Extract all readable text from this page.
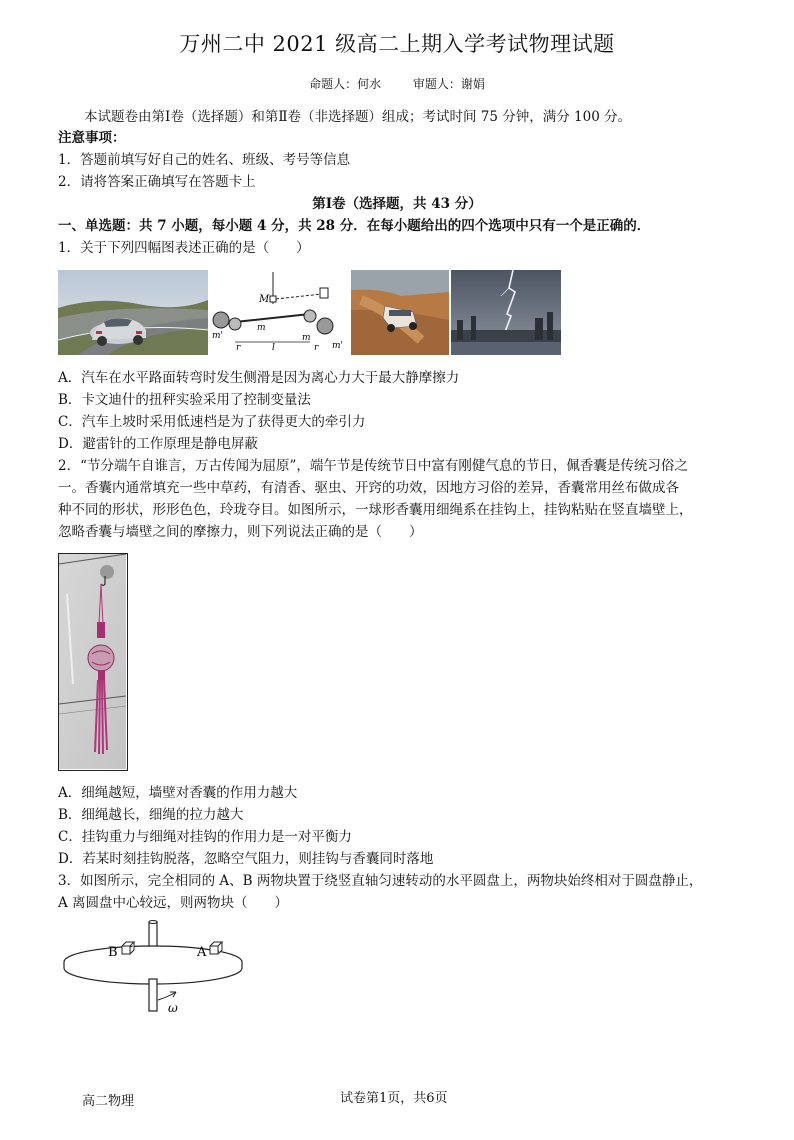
万州二中 2021 级高二上期入学考试物理试题
命题人：何水	审题人：谢娟
本试题卷由第Ⅰ卷（选择题）和第Ⅱ卷（非选择题）组成；考试时间 75 分钟，满分 100 分。
注意事项：
1．答题前填写好自己的姓名、班级、考号等信息
2．请将答案正确填写在答题卡上
第Ⅰ卷（选择题，共 43 分）
一、单选题：共 7 小题，每小题 4 分，共 28 分．在每小题给出的四个选项中只有一个是正确的．
1．关于下列四幅图表述正确的是（　　）
M
m'
m
r	l
m
r m'
A．汽车在水平路面转弯时发生侧滑是因为离心力大于最大静摩擦力
B．卡文迪什的扭秤实验采用了控制变量法
C．汽车上坡时采用低速档是为了获得更大的牵引力
D．避雷针的工作原理是静电屏蔽
2．“节分端午自谁言，万古传闻为屈原”，端午节是传统节日中富有刚健气息的节日，佩香囊是传统习俗之
一。香囊内通常填充一些中草药，有清香、驱虫、开窍的功效，因地方习俗的差异，香囊常用丝布做成各
种不同的形状，形形色色，玲珑夺目。如图所示，一球形香囊用细绳系在挂钩上，挂钩粘贴在竖直墙壁上，
忽略香囊与墙壁之间的摩擦力，则下列说法正确的是（　　）
A．细绳越短，墙壁对香囊的作用力越大
B．细绳越长，细绳的拉力越大
C．挂钩重力与细绳对挂钩的作用力是一对平衡力
D．若某时刻挂钩脱落，忽略空气阻力，则挂钩与香囊同时落地
3．如图所示，完全相同的 A、B 两物块置于绕竖直轴匀速转动的水平圆盘上，两物块始终相对于圆盘静止，
A 离圆盘中心较远，则两物块（　　）
B	A
ω
高二物理	试卷第1页，共6页
